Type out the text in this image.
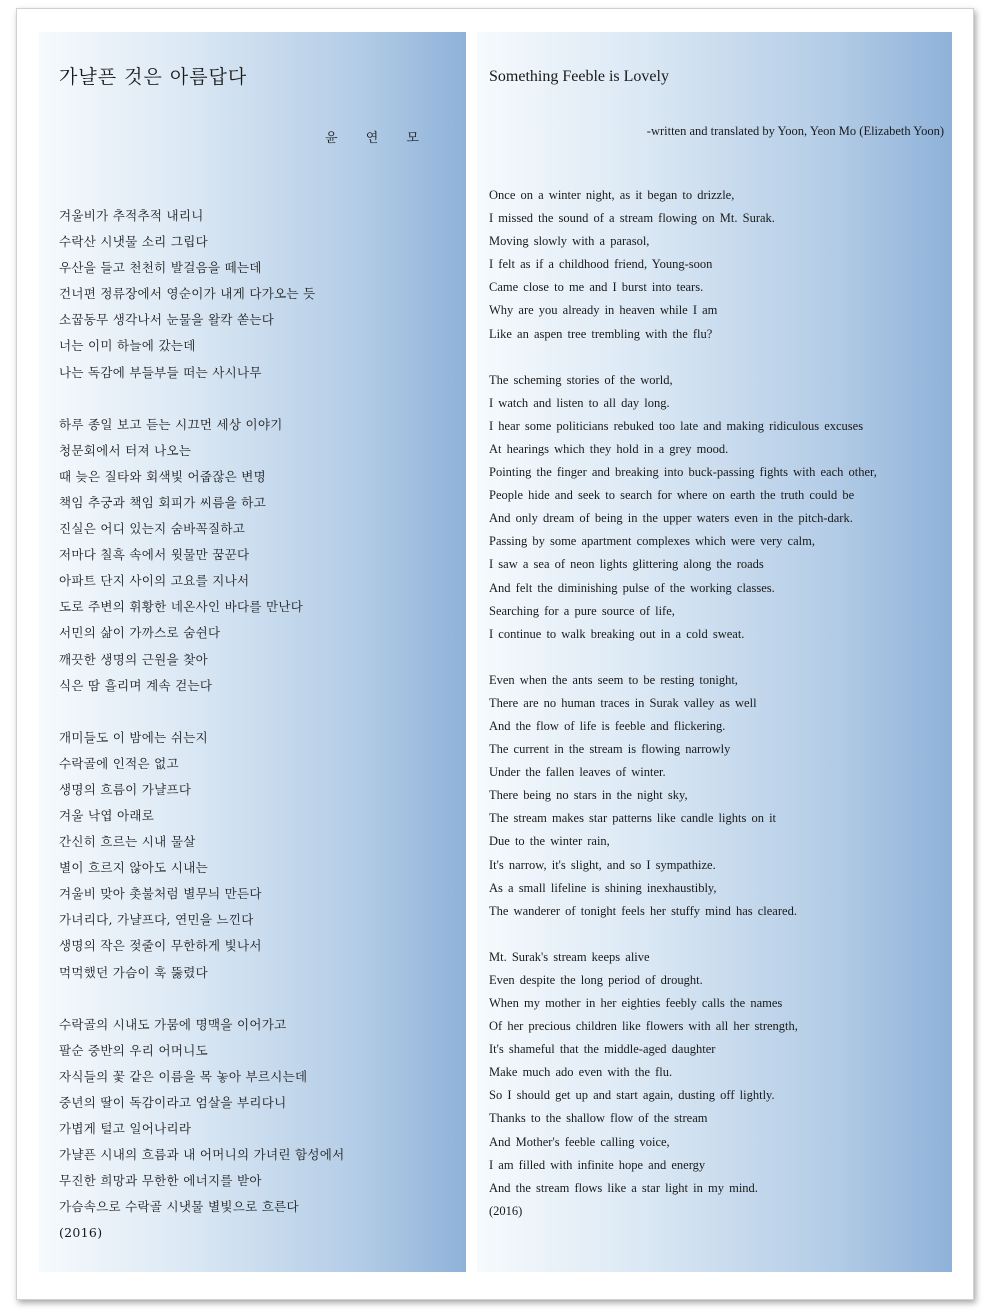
가냘픈 것은 아름답다
윤 연 모
겨울비가 추적추적 내리니
수락산 시냇물 소리 그립다
우산을 들고 천천히 발걸음을 떼는데
건너편 정류장에서 영순이가 내게 다가오는 듯
소꿉동무 생각나서 눈물을 왈칵 쏟는다
너는 이미 하늘에 갔는데
나는 독감에 부들부들 떠는 사시나무
하루 종일 보고 듣는 시끄먼 세상 이야기
청문회에서 터져 나오는
때 늦은 질타와 회색빛 어줍잖은 변명
책임 추궁과 책임 회피가 씨름을 하고
진실은 어디 있는지 숨바꼭질하고
저마다 칠흑 속에서 윗물만 꿈꾼다
아파트 단지 사이의 고요를 지나서
도로 주변의 휘황한 네온사인 바다를 만난다
서민의 삶이 가까스로 숨쉰다
깨끗한 생명의 근원을 찾아
식은 땀 흘리며 계속 걷는다
개미들도 이 밤에는 쉬는지
수락골에 인적은 없고
생명의 흐름이 가냘프다
겨울 낙엽 아래로
간신히 흐르는 시내 물살
별이 흐르지 않아도 시내는
겨울비 맞아 촛불처럼 별무늬 만든다
가녀리다, 가냘프다, 연민을 느낀다
생명의 작은 젖줄이 무한하게 빛나서
먹먹했던 가슴이 훅 뚫렸다
수락골의 시내도 가뭄에 명맥을 이어가고
팔순 중반의 우리 어머니도
자식들의 꽃 같은 이름을 목 놓아 부르시는데
중년의 딸이 독감이라고 엄살을 부리다니
가볍게 털고 일어나리라
가냘픈 시내의 흐름과 내 어머니의 가녀린 함성에서
무진한 희망과 무한한 에너지를 받아
가슴속으로 수락골 시냇물 별빛으로 흐른다
(2016)
Something Feeble is Lovely
-written and translated by Yoon, Yeon Mo (Elizabeth Yoon)
Once on a winter night, as it began to drizzle,
I missed the sound of a stream flowing on Mt. Surak.
Moving slowly with a parasol,
I felt as if a childhood friend, Young-soon
Came close to me and I burst into tears.
Why are you already in heaven while I am
Like an aspen tree trembling with the flu?
The scheming stories of the world,
I watch and listen to all day long.
I hear some politicians rebuked too late and making ridiculous excuses
At hearings which they hold in a grey mood.
Pointing the finger and breaking into buck-passing fights with each other,
People hide and seek to search for where on earth the truth could be
And only dream of being in the upper waters even in the pitch-dark.
Passing by some apartment complexes which were very calm,
I saw a sea of neon lights glittering along the roads
And felt the diminishing pulse of the working classes.
Searching for a pure source of life,
I continue to walk breaking out in a cold sweat.
Even when the ants seem to be resting tonight,
There are no human traces in Surak valley as well
And the flow of life is feeble and flickering.
The current in the stream is flowing narrowly
Under the fallen leaves of winter.
There being no stars in the night sky,
The stream makes star patterns like candle lights on it
Due to the winter rain,
It's narrow, it's slight, and so I sympathize.
As a small lifeline is shining inexhaustibly,
The wanderer of tonight feels her stuffy mind has cleared.
Mt. Surak's stream keeps alive
Even despite the long period of drought.
When my mother in her eighties feebly calls the names
Of her precious children like flowers with all her strength,
It's shameful that the middle-aged daughter
Make much ado even with the flu.
So I should get up and start again, dusting off lightly.
Thanks to the shallow flow of the stream
And Mother's feeble calling voice,
I am filled with infinite hope and energy
And the stream flows like a star light in my mind.
(2016)
